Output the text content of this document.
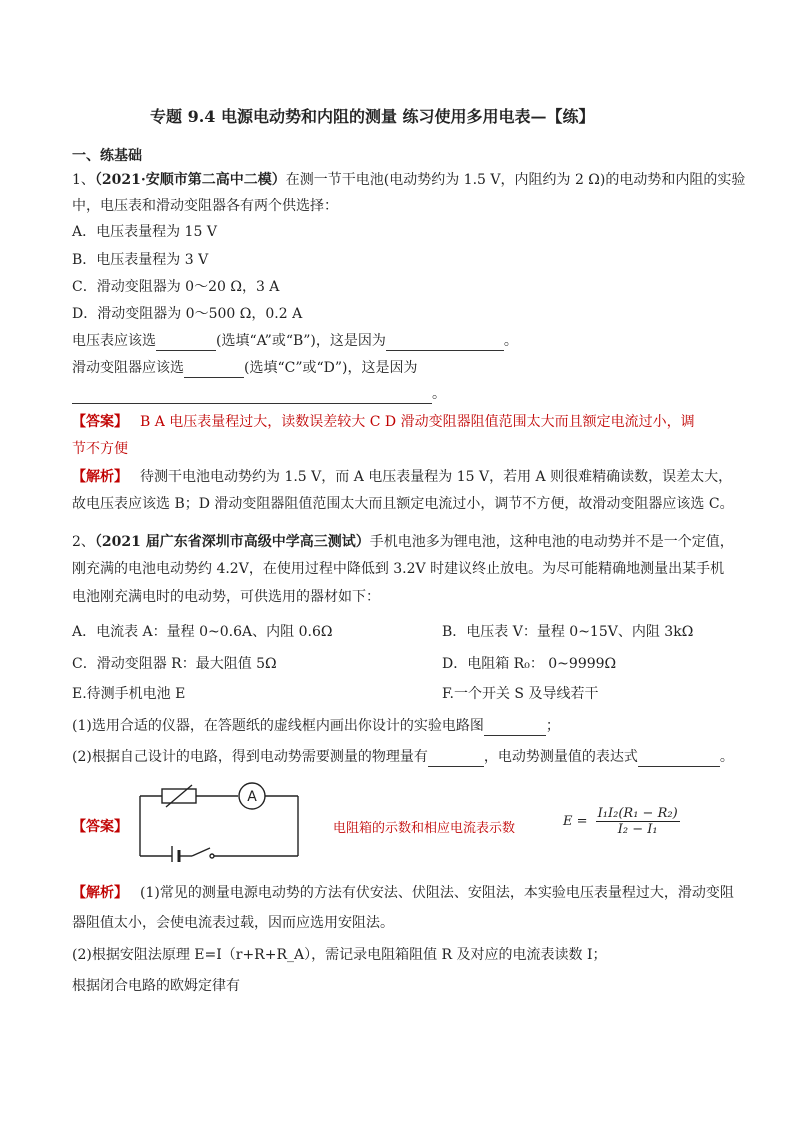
专题 9.4 电源电动势和内阻的测量 练习使用多用电表—【练】
一、练基础
1、（2021·安顺市第二高中二模）在测一节干电池(电动势约为 1.5 V，内阻约为 2 Ω)的电动势和内阻的实验
中，电压表和滑动变阻器各有两个供选择：
A．电压表量程为 15 V
B．电压表量程为 3 V
C．滑动变阻器为 0～20 Ω，3 A
D．滑动变阻器为 0～500 Ω，0.2 A
电压表应该选	(选填“A”或“B”)，这是因为	。
滑动变阻器应该选	(选填“C”或“D”)，这是因为
。
【答案】 B A 电压表量程过大，读数误差较大 C D 滑动变阻器阻值范围太大而且额定电流过小，调
节不方便
【解析】 待测干电池电动势约为 1.5 V，而 A 电压表量程为 15 V，若用 A 则很难精确读数，误差太大，
故电压表应该选 B；D 滑动变阻器阻值范围太大而且额定电流过小，调节不方便，故滑动变阻器应该选 C。
2、（2021 届广东省深圳市高级中学高三测试）手机电池多为锂电池，这种电池的电动势并不是一个定值，
刚充满的电池电动势约 4.2V，在使用过程中降低到 3.2V 时建议终止放电。为尽可能精确地测量出某手机
电池刚充满电时的电动势，可供选用的器材如下：
A．电流表 A：量程 0~0.6A、内阻 0.6Ω	B．电压表 V：量程 0~15V、内阻 3kΩ
C．滑动变阻器 R：最大阻值 5Ω	D．电阻箱 R₀： 0~9999Ω
E.待测手机电池 E	F.一个开关 S 及导线若干
(1)选用合适的仪器，在答题纸的虚线框内画出你设计的实验电路图	；
(2)根据自己设计的电路，得到电动势需要测量的物理量有	，电动势测量值的表达式	。
【答案】
A
电阻箱的示数和相应电流表示数	$E = \frac{\text{I₁I₂(R₁ − R₂)}}{\text{I₂ − I₁}}$
【解析】 (1)常见的测量电源电动势的方法有伏安法、伏阻法、安阻法，本实验电压表量程过大，滑动变阻
器阻值太小，会使电流表过载，因而应选用安阻法。
(2)根据安阻法原理 E=I（r+R+R_A），需记录电阻箱阻值 R 及对应的电流表读数 I；
根据闭合电路的欧姆定律有
